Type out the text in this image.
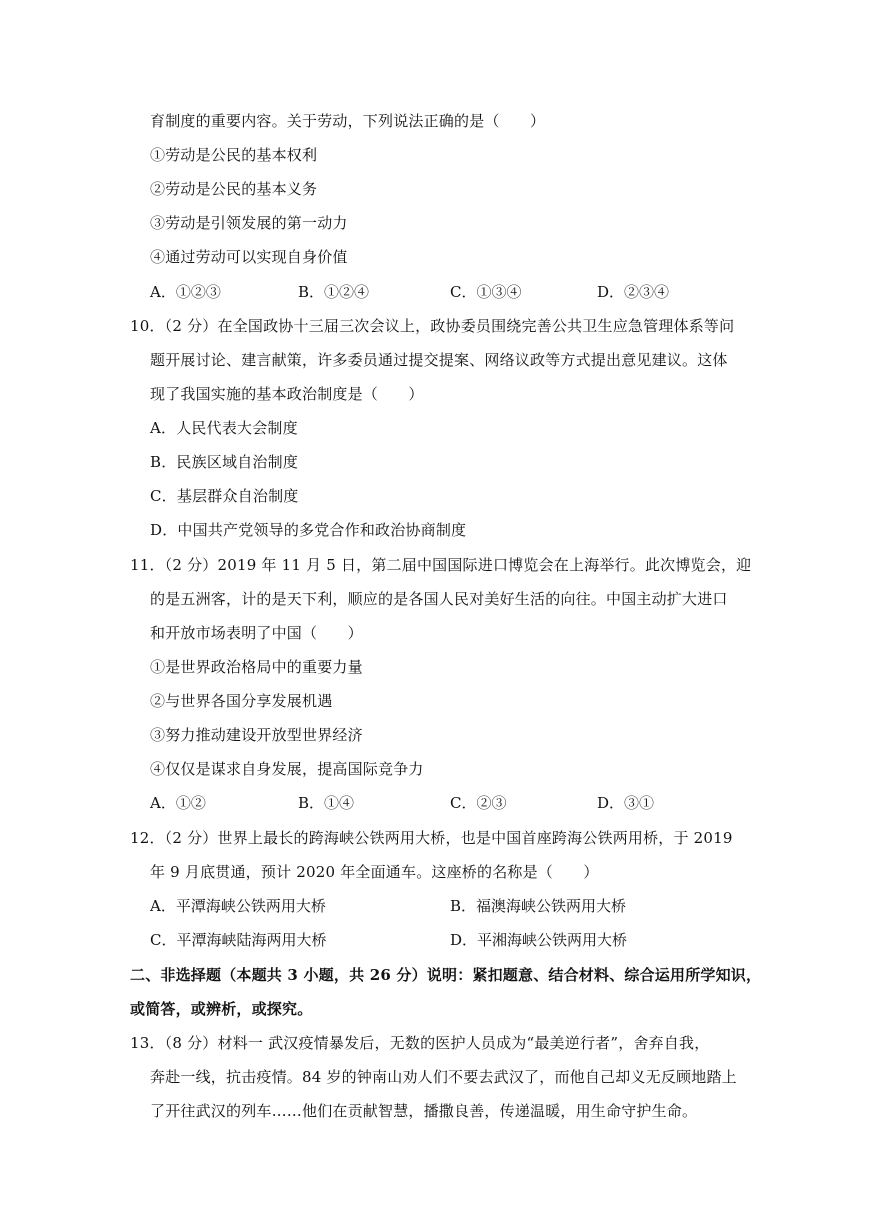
育制度的重要内容。关于劳动，下列说法正确的是（　　）
①劳动是公民的基本权利
②劳动是公民的基本义务
③劳动是引领发展的第一动力
④通过劳动可以实现自身价值
A．①②③	B．①②④	C．①③④	D．②③④
10．（2 分）在全国政协十三届三次会议上，政协委员围绕完善公共卫生应急管理体系等问
题开展讨论、建言献策，许多委员通过提交提案、网络议政等方式提出意见建议。这体
现了我国实施的基本政治制度是（　　）
A．人民代表大会制度
B．民族区域自治制度
C．基层群众自治制度
D．中国共产党领导的多党合作和政治协商制度
11．（2 分）2019 年 11 月 5 日，第二届中国国际进口博览会在上海举行。此次博览会，迎
的是五洲客，计的是天下利，顺应的是各国人民对美好生活的向往。中国主动扩大进口
和开放市场表明了中国（　　）
①是世界政治格局中的重要力量
②与世界各国分享发展机遇
③努力推动建设开放型世界经济
④仅仅是谋求自身发展，提高国际竞争力
A．①②	B．①④	C．②③	D．③①
12．（2 分）世界上最长的跨海峡公铁两用大桥，也是中国首座跨海公铁两用桥，于 2019
年 9 月底贯通，预计 2020 年全面通车。这座桥的名称是（　　）
A．平潭海峡公铁两用大桥	B．福澳海峡公铁两用大桥
C．平潭海峡陆海两用大桥	D．平湘海峡公铁两用大桥
二、非选择题（本题共 3 小题，共 26 分）说明：紧扣题意、结合材料、综合运用所学知识，
或简答，或辨析，或探究。
13．（8 分）材料一 武汉疫情暴发后，无数的医护人员成为“最美逆行者”，舍弃自我，
奔赴一线，抗击疫情。84 岁的钟南山劝人们不要去武汉了，而他自己却义无反顾地踏上
了开往武汉的列车……他们在贡献智慧，播撒良善，传递温暖，用生命守护生命。
